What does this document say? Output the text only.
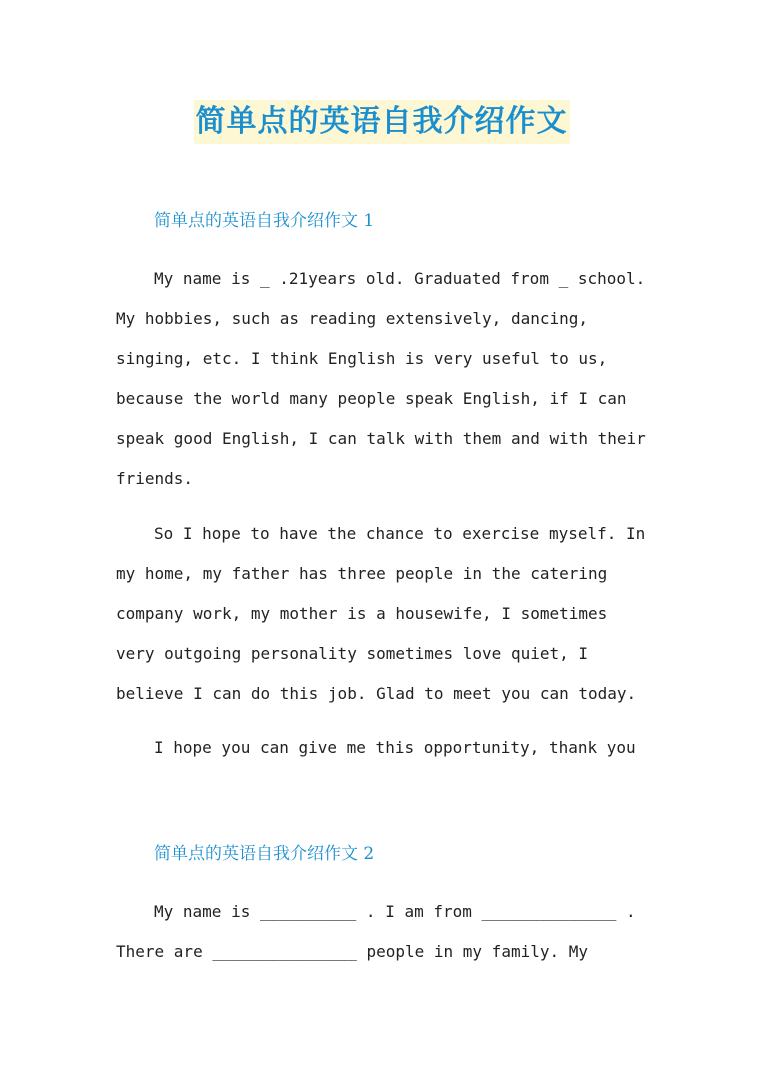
简单点的英语自我介绍作文
简单点的英语自我介绍作文 1
My name is _ .21years old. Graduated from _ school.
My hobbies, such as reading extensively, dancing,
singing, etc. I think English is very useful to us,
because the world many people speak English, if I can
speak good English, I can talk with them and with their
friends.
So I hope to have the chance to exercise myself. In
my home, my father has three people in the catering
company work, my mother is a housewife, I sometimes
very outgoing personality sometimes love quiet, I
believe I can do this job. Glad to meet you can today.
I hope you can give me this opportunity, thank you
简单点的英语自我介绍作文 2
My name is __________ . I am from ______________ .
There are _______________ people in my family. My
